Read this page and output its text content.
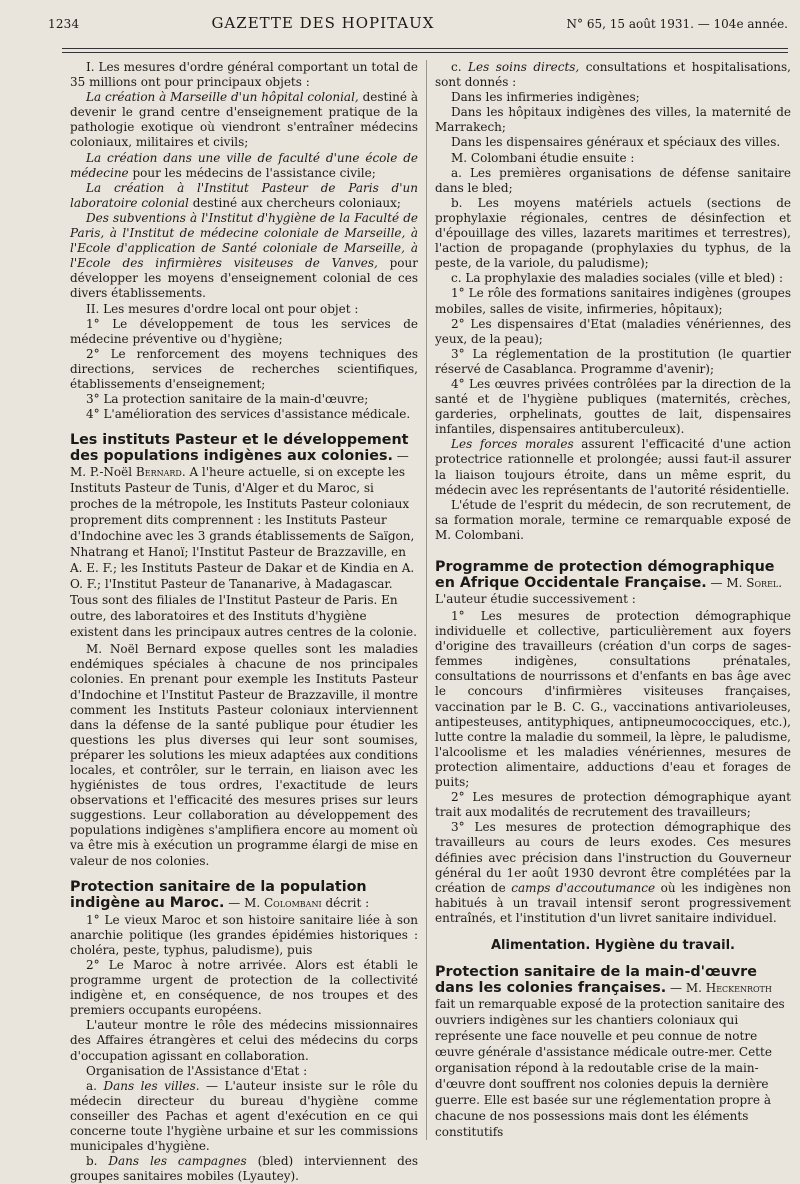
1234	GAZETTE DES HOPITAUX	N° 65, 15 août 1931. — 104e année.

I. Les mesures d'ordre général comportant un total de 35 millions ont pour principaux objets :

La création à Marseille d'un hôpital colonial, destiné à devenir le grand centre d'enseignement pratique de la pathologie exotique où viendront s'entraîner médecins coloniaux, militaires et civils;

La création dans une ville de faculté d'une école de médecine pour les médecins de l'assistance civile;

La création à l'Institut Pasteur de Paris d'un laboratoire colonial destiné aux chercheurs coloniaux;

Des subventions à l'Institut d'hygiène de la Faculté de Paris, à l'Institut de médecine coloniale de Marseille, à l'Ecole d'application de Santé coloniale de Marseille, à l'Ecole des infirmières visiteuses de Vanves, pour développer les moyens d'enseignement colonial de ces divers établissements.

II. Les mesures d'ordre local ont pour objet :

1° Le développement de tous les services de médecine préventive ou d'hygiène;

2° Le renforcement des moyens techniques des directions, services de recherches scientifiques, établissements d'enseignement;

3° La protection sanitaire de la main-d'œuvre;

4° L'amélioration des services d'assistance médicale.

Les instituts Pasteur et le développement des populations indigènes aux colonies. — M. P.-Noël Bernard. A l'heure actuelle, si on excepte les Instituts Pasteur de Tunis, d'Alger et du Maroc, si proches de la métropole, les Instituts Pasteur coloniaux proprement dits comprennent : les Instituts Pasteur d'Indochine avec les 3 grands établissements de Saïgon, Nhatrang et Hanoï; l'Institut Pasteur de Brazzaville, en A. E. F.; les Instituts Pasteur de Dakar et de Kindia en A. O. F.; l'Institut Pasteur de Tananarive, à Madagascar. Tous sont des filiales de l'Institut Pasteur de Paris. En outre, des laboratoires et des Instituts d'hygiène existent dans les principaux autres centres de la colonie.

M. Noël Bernard expose quelles sont les maladies endémiques spéciales à chacune de nos principales colonies. En prenant pour exemple les Instituts Pasteur d'Indochine et l'Institut Pasteur de Brazzaville, il montre comment les Instituts Pasteur coloniaux interviennent dans la défense de la santé publique pour étudier les questions les plus diverses qui leur sont soumises, préparer les solutions les mieux adaptées aux conditions locales, et contrôler, sur le terrain, en liaison avec les hygiénistes de tous ordres, l'exactitude de leurs observations et l'efficacité des mesures prises sur leurs suggestions. Leur collaboration au développement des populations indigènes s'amplifiera encore au moment où va être mis à exécution un programme élargi de mise en valeur de nos colonies.

Protection sanitaire de la population indigène au Maroc. — M. Colombani décrit :

1° Le vieux Maroc et son histoire sanitaire liée à son anarchie politique (les grandes épidémies historiques : choléra, peste, typhus, paludisme), puis

2° Le Maroc à notre arrivée. Alors est établi le programme urgent de protection de la collectivité indigène et, en conséquence, de nos troupes et des premiers occupants européens.

L'auteur montre le rôle des médecins missionnaires des Affaires étrangères et celui des médecins du corps d'occupation agissant en collaboration.

Organisation de l'Assistance d'Etat :

a. Dans les villes. — L'auteur insiste sur le rôle du médecin directeur du bureau d'hygiène comme conseiller des Pachas et agent d'exécution en ce qui concerne toute l'hygiène urbaine et sur les commissions municipales d'hygiène.

b. Dans les campagnes (bled) interviennent des groupes sanitaires mobiles (Lyautey).

c. Les soins directs, consultations et hospitalisations, sont donnés :

Dans les infirmeries indigènes;

Dans les hôpitaux indigènes des villes, la maternité de Marrakech;

Dans les dispensaires généraux et spéciaux des villes.

M. Colombani étudie ensuite :

a. Les premières organisations de défense sanitaire dans le bled;

b. Les moyens matériels actuels (sections de prophylaxie régionales, centres de désinfection et d'épouillage des villes, lazarets maritimes et terrestres), l'action de propagande (prophylaxies du typhus, de la peste, de la variole, du paludisme);

c. La prophylaxie des maladies sociales (ville et bled) :

1° Le rôle des formations sanitaires indigènes (groupes mobiles, salles de visite, infirmeries, hôpitaux);

2° Les dispensaires d'Etat (maladies vénériennes, des yeux, de la peau);

3° La réglementation de la prostitution (le quartier réservé de Casablanca. Programme d'avenir);

4° Les œuvres privées contrôlées par la direction de la santé et de l'hygiène publiques (maternités, crèches, garderies, orphelinats, gouttes de lait, dispensaires infantiles, dispensaires antituberculeux).

Les forces morales assurent l'efficacité d'une action protectrice rationnelle et prolongée; aussi faut-il assurer la liaison toujours étroite, dans un même esprit, du médecin avec les représentants de l'autorité résidentielle.

L'étude de l'esprit du médecin, de son recrutement, de sa formation morale, termine ce remarquable exposé de M. Colombani.

Programme de protection démographique en Afrique Occidentale Française. — M. Sorel. L'auteur étudie successivement :

1° Les mesures de protection démographique individuelle et collective, particulièrement aux foyers d'origine des travailleurs (création d'un corps de sages-femmes indigènes, consultations prénatales, consultations de nourrissons et d'enfants en bas âge avec le concours d'infirmières visiteuses françaises, vaccination par le B. C. G., vaccinations antivarioleuses, antipesteuses, antityphiques, antipneumococciques, etc.), lutte contre la maladie du sommeil, la lèpre, le paludisme, l'alcoolisme et les maladies vénériennes, mesures de protection alimentaire, adductions d'eau et forages de puits;

2° Les mesures de protection démographique ayant trait aux modalités de recrutement des travailleurs;

3° Les mesures de protection démographique des travailleurs au cours de leurs exodes. Ces mesures définies avec précision dans l'instruction du Gouverneur général du 1er août 1930 devront être complétées par la création de camps d'accoutumance où les indigènes non habitués à un travail intensif seront progressivement entraînés, et l'institution d'un livret sanitaire individuel.

Alimentation. Hygiène du travail.
Protection sanitaire de la main-d'œuvre dans les colonies françaises. — M. Heckenroth fait un remarquable exposé de la protection sanitaire des ouvriers indigènes sur les chantiers coloniaux qui représente une face nouvelle et peu connue de notre œuvre générale d'assistance médicale outre-mer. Cette organisation répond à la redoutable crise de la main-d'œuvre dont souffrent nos colonies depuis la dernière guerre. Elle est basée sur une réglementation propre à chacune de nos possessions mais dont les éléments constitutifs
